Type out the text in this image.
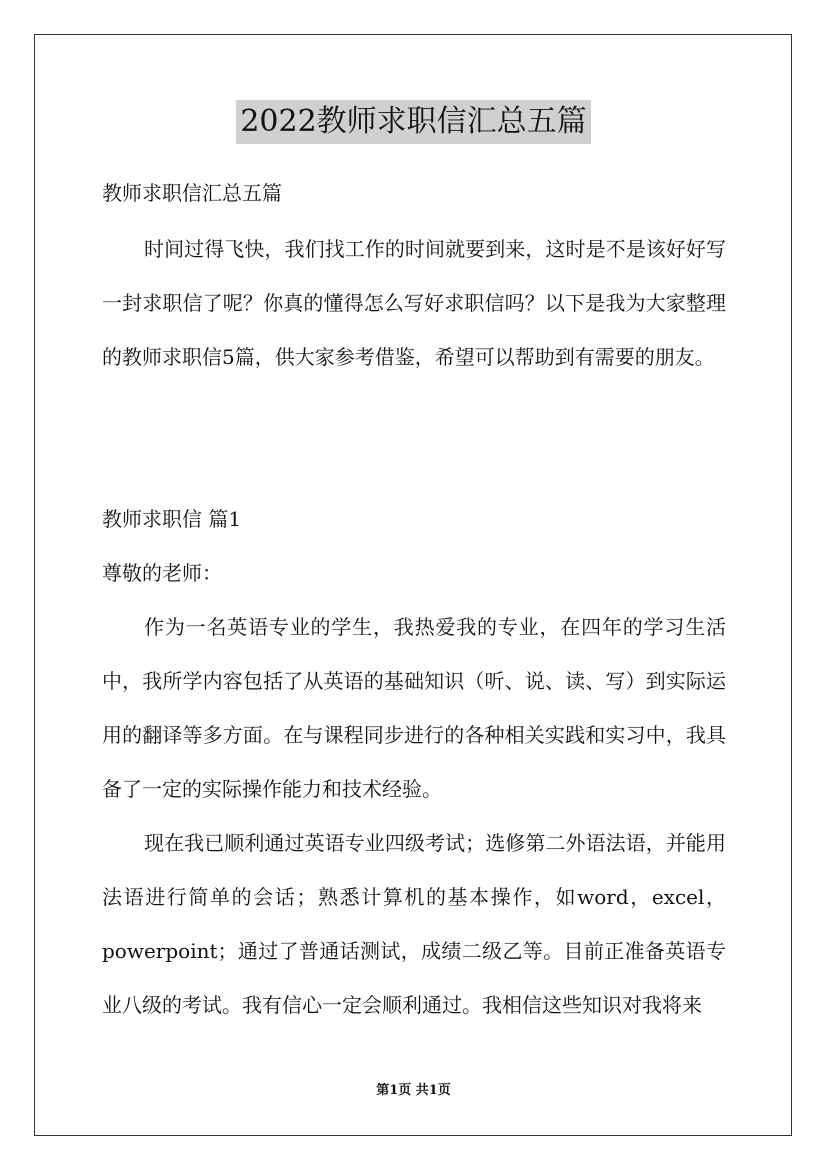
2022教师求职信汇总五篇

教师求职信汇总五篇

时间过得飞快，我们找工作的时间就要到来，这时是不是该好好写一封求职信了呢？你真的懂得怎么写好求职信吗？以下是我为大家整理的教师求职信5篇，供大家参考借鉴，希望可以帮助到有需要的朋友。

教师求职信 篇1

尊敬的老师：

作为一名英语专业的学生，我热爱我的专业，在四年的学习生活中，我所学内容包括了从英语的基础知识（听、说、读、写）到实际运用的翻译等多方面。在与课程同步进行的各种相关实践和实习中，我具备了一定的实际操作能力和技术经验。

现在我已顺利通过英语专业四级考试；选修第二外语法语，并能用法语进行简单的会话；熟悉计算机的基本操作，如word，excel，powerpoint；通过了普通话测试，成绩二级乙等。目前正准备英语专业八级的考试。我有信心一定会顺利通过。我相信这些知识对我将来

第1页 共1页
